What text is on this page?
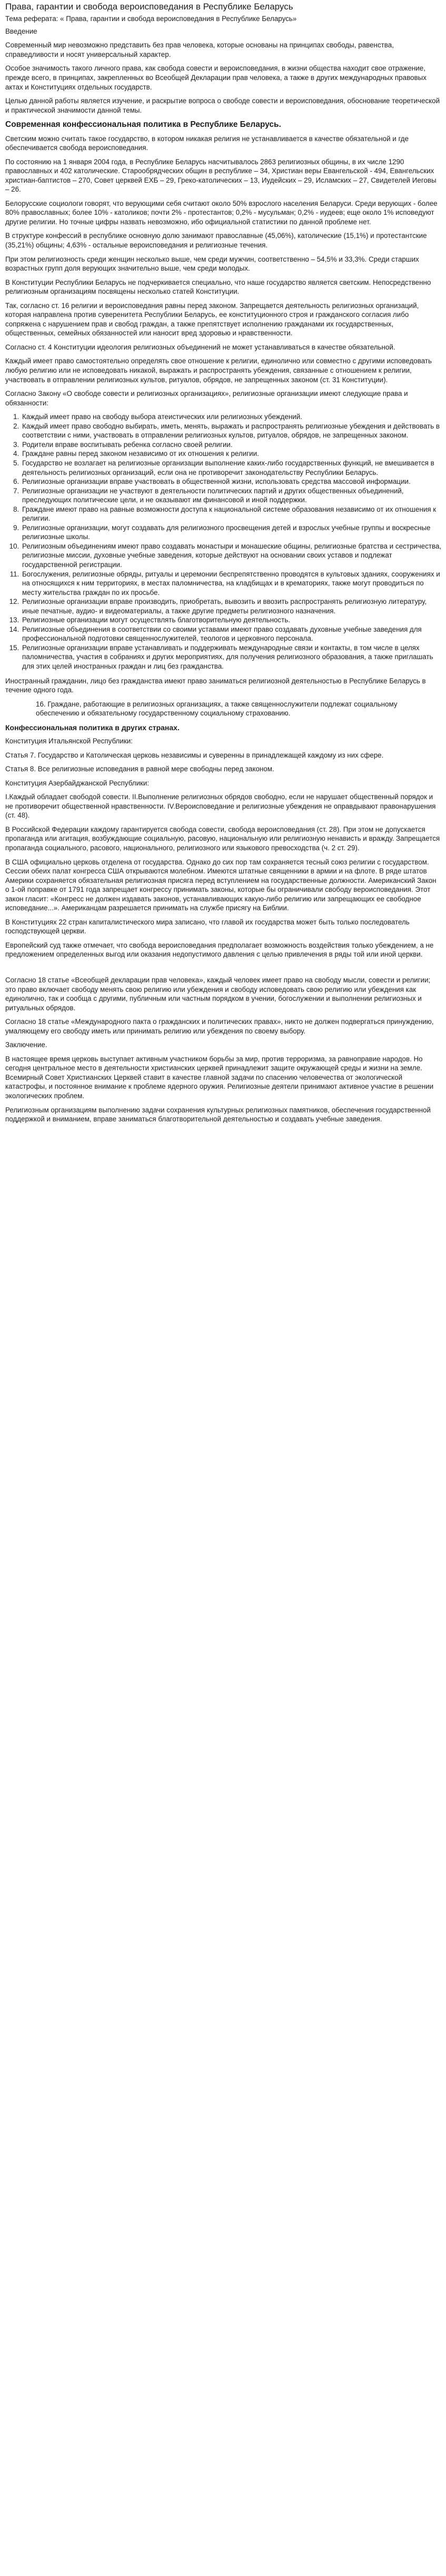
Права, гарантии и свобода вероисповедания в Республике Беларусь

Тема реферата: « Права, гарантии и свобода вероисповедания в Республике Беларусь»

Введение

Современный мир невозможно представить без прав человека, которые основаны на принципах свободы, равенства, справедливости и носят универсальный характер.

Особое значимость такого личного права, как свобода совести и вероисповедания, в жизни общества находит свое отражение, прежде всего, в принципах, закрепленных во Всеобщей Декларации прав человека, а также в других международных правовых актах и Конституциях отдельных государств.

Целью данной работы является изучение, и раскрытие вопроса о свободе совести и вероисповедания, обоснование теоретической и практической значимости данной темы.

Современная конфессиональная политика в Республике Беларусь.

Светским можно считать такое государство, в котором никакая религия не устанавливается в качестве обязательной и где обеспечивается свобода вероисповедания.

По состоянию на 1 января 2004 года, в Республике Беларусь насчитывалось 2863 религиозных общины, в их числе 1290 православных и 402 католические. Старообрядческих общин в республике – 34, Христиан веры Евангельской - 494, Евангельских христиан-баптистов – 270, Совет церквей ЕХБ – 29, Греко-католических – 13, Иудейских – 29, Исламских – 27, Свидетелей Иеговы – 26.

Белорусские социологи говорят, что верующими себя считают около 50% взрослого населения Беларуси. Среди верующих - более 80% православных; более 10% - католиков; почти 2% - протестантов; 0,2% - мусульман; 0,2% - иудеев; еще около 1% исповедуют другие религии. Но точные цифры назвать невозможно, ибо официальной статистики по данной проблеме нет.

В структуре конфессий в республике основную долю занимают православные (45,06%), католические (15,1%) и протестантские (35,21%) общины; 4,63% - остальные вероисповедания и религиозные течения.

При этом религиозность среди женщин несколько выше, чем среди мужчин, соответственно – 54,5% и 33,3%. Среди старших возрастных групп доля верующих значительно выше, чем среди молодых.

В Конституции Республики Беларусь не подчеркивается специально, что наше государство является светским. Непосредственно религиозным организациям посвящены несколько статей Конституции.

Так, согласно ст. 16 религии и вероисповедания равны перед законом. Запрещается деятельность религиозных организаций, которая направлена против суверенитета Республики Беларусь, ее конституционного строя и гражданского согласия либо сопряжена с нарушением прав и свобод граждан, а также препятствует исполнению гражданами их государственных, общественных, семейных обязанностей или наносит вред здоровью и нравственности.

Согласно ст. 4 Конституции идеология религиозных объединений не может устанавливаться в качестве обязательной.

Каждый имеет право самостоятельно определять свое отношение к религии, единолично или совместно с другими исповедовать любую религию или не исповедовать никакой, выражать и распространять убеждения, связанные с отношением к религии, участвовать в отправлении религиозных культов, ритуалов, обрядов, не запрещенных законом (ст. 31 Конституции).

Согласно Закону «О свободе совести и религиозных организациях», религиозные организации имеют следующие права и обязанности:

1. Каждый имеет право на свободу выбора атеистических или религиозных убеждений.
2. Каждый имеет право свободно выбирать, иметь, менять, выражать и распространять религиозные убеждения и действовать в соответствии с ними, участвовать в отправлении религиозных культов, ритуалов, обрядов, не запрещенных законом.
3. Родители вправе воспитывать ребенка согласно своей религии.
4. Граждане равны перед законом независимо от их отношения к религии.
5. Государство не возлагает на религиозные организации выполнение каких-либо государственных функций, не вмешивается в деятельность религиозных организаций, если она не противоречит законодательству Республики Беларусь.
6. Религиозные организации вправе участвовать в общественной жизни, использовать средства массовой информации.
7. Религиозные организации не участвуют в деятельности политических партий и других общественных объединений, преследующих политические цели, и не оказывают им финансовой и иной поддержки.
8. Граждане имеют право на равные возможности доступа к национальной системе образования независимо от их отношения к религии.
9. Религиозные организации, могут создавать для религиозного просвещения детей и взрослых учебные группы и воскресные религиозные школы.
10. Религиозным объединениям имеют право создавать монастыри и монашеские общины, религиозные братства и сестричества, религиозные миссии, духовные учебные заведения, которые действуют на основании своих уставов и подлежат государственной регистрации.
11. Богослужения, религиозные обряды, ритуалы и церемонии беспрепятственно проводятся в культовых зданиях, сооружениях и на относящихся к ним территориях, в местах паломничества, на кладбищах и в крематориях, также могут проводиться по месту жительства граждан по их просьбе.
12. Религиозные организации вправе производить, приобретать, вывозить и ввозить распространять религиозную литературу, иные печатные, аудио- и видеоматериалы, а также другие предметы религиозного назначения.
13. Религиозные организации могут осуществлять благотворительную деятельность.
14. Религиозные объединения в соответствии со своими уставами имеют право создавать духовные учебные заведения для профессиональной подготовки священнослужителей, теологов и церковного персонала.
15. Религиозные организации вправе устанавливать и поддерживать международные связи и контакты, в том числе в целях паломничества, участия в собраниях и других мероприятиях, для получения религиозного образования, а также приглашать для этих целей иностранных граждан и лиц без гражданства.

Иностранный гражданин, лицо без гражданства имеют право заниматься религиозной деятельностью в Республике Беларусь в течение одного года.

16. Граждане, работающие в религиозных организациях, а также священнослужители подлежат социальному обеспечению и обязательному государственному социальному страхованию.

Конфессиональная политика в других странах.

Конституция Итальянской Республики:

Статья 7. Государство и Католическая церковь независимы и суверенны в принадлежащей каждому из них сфере.

Статья 8. Все религиозные исповедания в равной мере свободны перед законом.

Конституция Азербайджанской Республики:

І.Каждый обладает свободой совести. ІІ.Выполнение религиозных обрядов свободно, если не нарушает общественный порядок и не противоречит общественной нравственности. ІV.Вероисповедание и религиозные убеждения не оправдывают правонарушения (ст. 48).

В Российской Федерации каждому гарантируется свобода совести, свобода вероисповедания (ст. 28). При этом не допускается пропаганда или агитация, возбуждающие социальную, расовую, национальную или религиозную ненависть и вражду. Запрещается пропаганда социального, расового, национального, религиозного или языкового превосходства (ч. 2 ст. 29).

В США официально церковь отделена от государства. Однако до сих пор там сохраняется тесный союз религии с государством. Сессии обеих палат конгресса США открываются молебном. Имеются штатные священники в армии и на флоте. В ряде штатов Америки сохраняется обязательная религиозная присяга перед вступлением на государственные должности. Американский Закон о 1-ой поправке от 1791 года запрещает конгрессу принимать законы, которые бы ограничивали свободу вероисповедания. Этот закон гласит: «Конгресс не должен издавать законов, устанавливающих какую-либо религию или запрещающих ее свободное исповедание...». Американцам разрешается принимать на службе присягу на Библии.

В Конституциях 22 стран капиталистического мира записано, что главой их государства может быть только последователь господствующей церкви.

Европейский суд также отмечает, что свобода вероисповедания предполагает возможность воздействия только убеждением, а не предложением определенных выгод или оказания недопустимого давления с целью привлечения в ряды той или иной церкви.

Согласно 18 статье «Всеобщей декларации прав человека», каждый человек имеет право на свободу мысли, совести и религии; это право включает свободу менять свою религию или убеждения и свободу исповедовать свою религию или убеждения как единолично, так и сообща с другими, публичным или частным порядком в учении, богослужении и выполнении религиозных и ритуальных обрядов.

Согласно 18 статье «Международного пакта о гражданских и политических правах», никто не должен подвергаться принуждению, умаляющему его свободу иметь или принимать религию или убеждения по своему выбору.

Заключение.

В настоящее время церковь выступает активным участником борьбы за мир, против терроризма, за равноправие народов. Но сегодня центральное место в деятельности христианских церквей принадлежит защите окружающей среды и жизни на земле. Всемирный Совет Христианских Церквей ставит в качестве главной задачи по спасению человечества от экологической катастрофы, и постоянное внимание к проблеме ядерного оружия. Религиозные деятели принимают активное участие в решении экологических проблем.

Религиозным организациям выполнению задачи сохранения культурных религиозных памятников, обеспечения государственной поддержкой и вниманием, вправе заниматься благотворительной деятельностью и создавать учебные заведения.
